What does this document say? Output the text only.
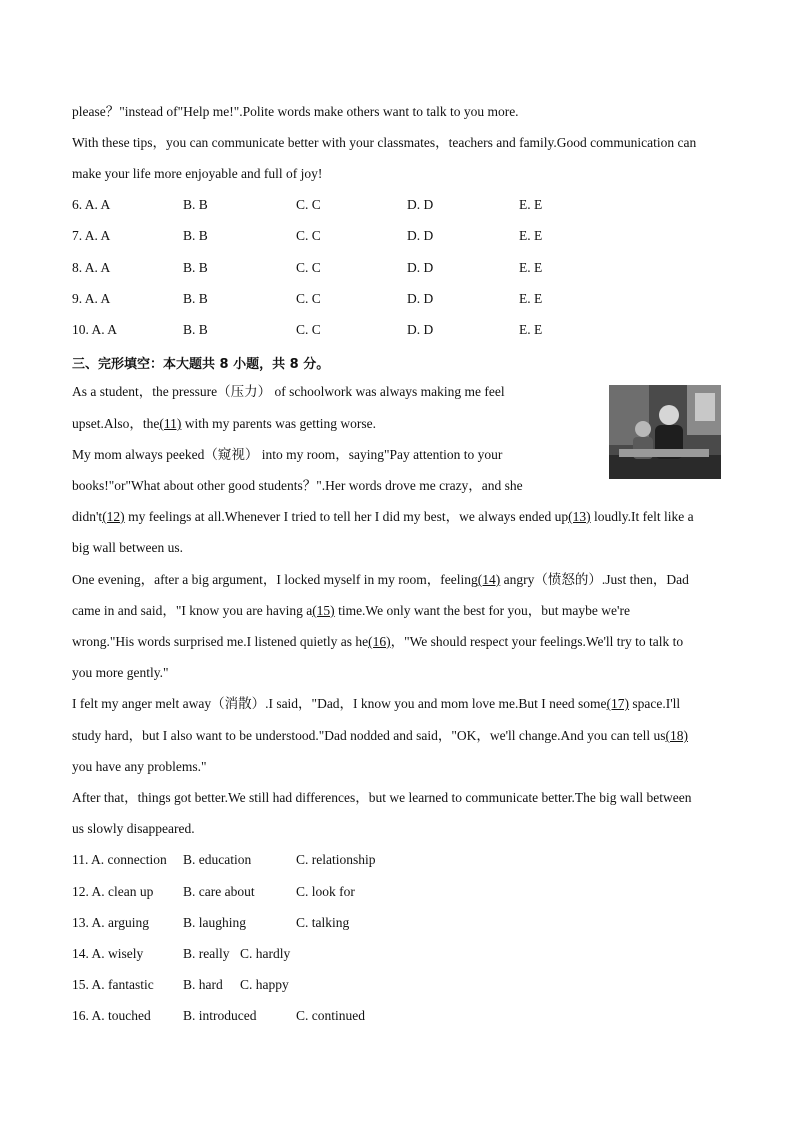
please？"instead of"Help me!".Polite words make others want to talk to you more.
With these tips，you can communicate better with your classmates，teachers and family.Good communication can
make your life more enjoyable and full of joy!
6. A. A	B. B	C. C	D. D	E. E
7. A. A	B. B	C. C	D. D	E. E
8. A. A	B. B	C. C	D. D	E. E
9. A. A	B. B	C. C	D. D	E. E
10. A. A	B. B	C. C	D. D	E. E
三、完形填空：本大题共 8 小题，共 8 分。
As a student，the pressure（压力） of schoolwork was always making me feel
upset.Also，the(11) with my parents was getting worse.
My mom always peeked（窥视） into my room，saying"Pay attention to your
books!"or"What about other good students？".Her words drove me crazy，and she
didn't(12) my feelings at all.Whenever I tried to tell her I did my best，we always ended up(13) loudly.It felt like a
big wall between us.
One evening，after a big argument，I locked myself in my room，feeling(14) angry（愤怒的）.Just then，Dad
came in and said，"I know you are having a(15) time.We only want the best for you，but maybe we're
wrong."His words surprised me.I listened quietly as he(16)，"We should respect your feelings.We'll try to talk to
you more gently."
I felt my anger melt away（消散）.I said，"Dad，I know you and mom love me.But I need some(17) space.I'll
study hard，but I also want to be understood."Dad nodded and said，"OK，we'll change.And you can tell us(18)
you have any problems."
After that，things got better.We still had differences，but we learned to communicate better.The big wall between
us slowly disappeared.
11. A. connection B. education	C. relationship
12. A. clean up B. care about	C. look for
13. A. arguing	B. laughing	C. talking
14. A. wisely	B. really C. hardly
15. A. fantastic B. hard C. happy
16. A. touched B. introduced	C. continued
